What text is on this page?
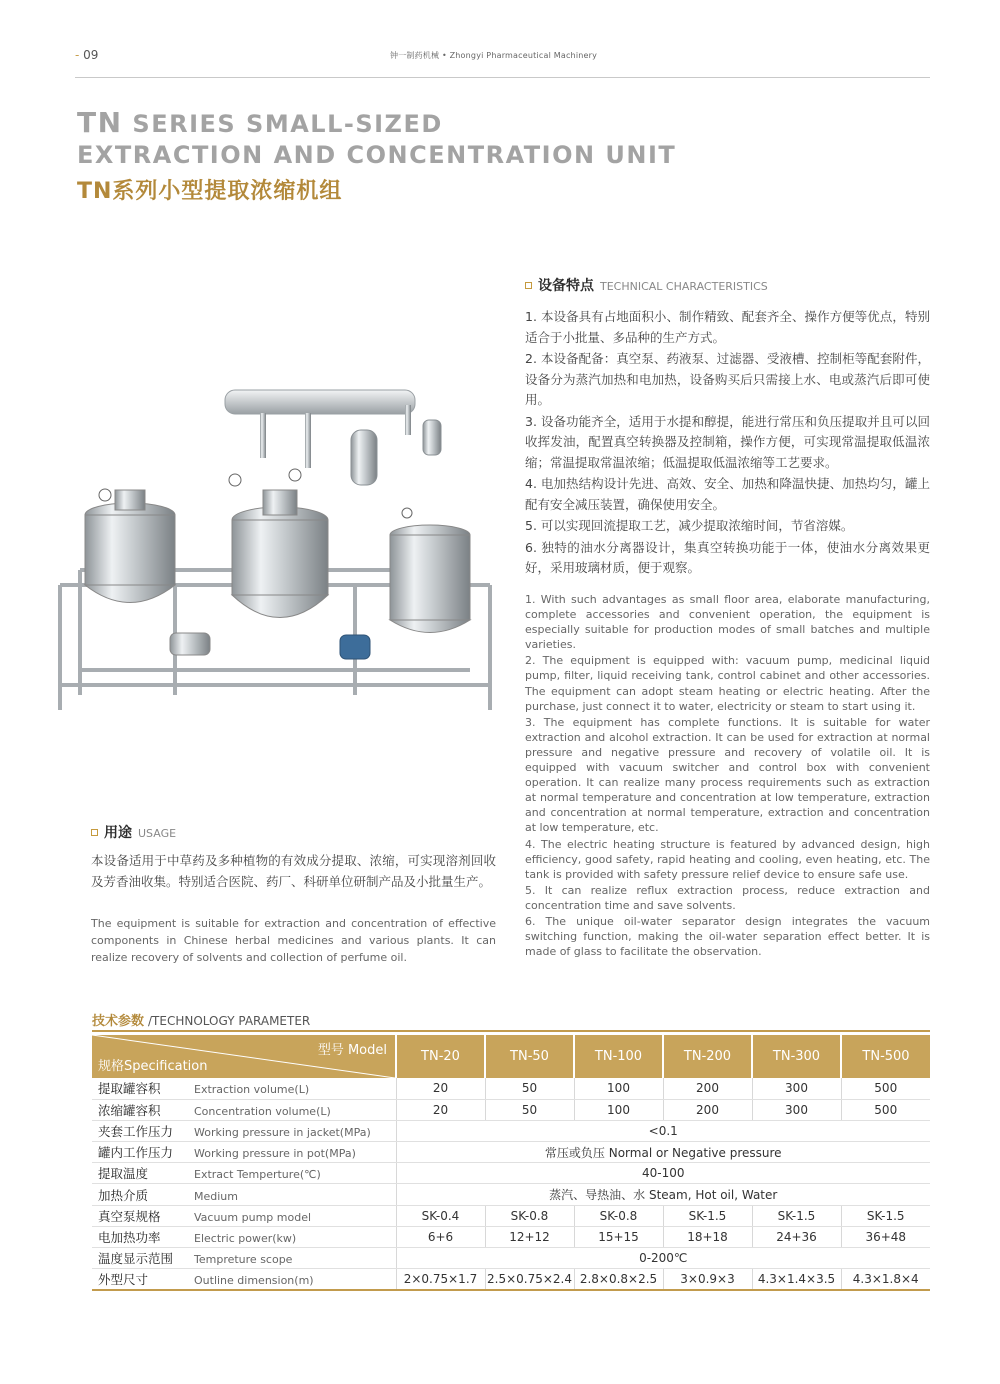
- 09	钟一制药机械 • Zhongyi Pharmaceutical Machinery
TN SERIES SMALL-SIZED
EXTRACTION AND CONCENTRATION UNIT
TN系列小型提取浓缩机组
设备特点 TECHNICAL CHARACTERISTICS

1. 本设备具有占地面积小、制作精致、配套齐全、操作方便等优点，特别适合于小批量、多品种的生产方式。

2. 本设备配备：真空泵、药液泵、过滤器、受液槽、控制柜等配套附件，设备分为蒸汽加热和电加热，设备购买后只需接上水、电或蒸汽后即可使用。

3. 设备功能齐全，适用于水提和醇提，能进行常压和负压提取并且可以回收挥发油，配置真空转换器及控制箱，操作方便，可实现常温提取低温浓缩；常温提取常温浓缩；低温提取低温浓缩等工艺要求。

4. 电加热结构设计先进、高效、安全、加热和降温快捷、加热均匀，罐上配有安全减压装置，确保使用安全。

5. 可以实现回流提取工艺，减少提取浓缩时间，节省溶媒。

6. 独特的油水分离器设计，集真空转换功能于一体，使油水分离效果更好，采用玻璃材质，便于观察。

1. With such advantages as small floor area, elaborate manufacturing, complete accessories and convenient operation, the equipment is especially suitable for production modes of small batches and multiple varieties.

2. The equipment is equipped with: vacuum pump, medicinal liquid pump, filter, liquid receiving tank, control cabinet and other accessories. The equipment can adopt steam heating or electric heating. After the purchase, just connect it to water, electricity or steam to start using it.

3. The equipment has complete functions. It is suitable for water extraction and alcohol extraction. It can be used for extraction at normal pressure and negative pressure and recovery of volatile oil. It is equipped with vacuum switcher and control box with convenient operation. It can realize many process requirements such as extraction at normal temperature and concentration at low temperature, extraction and concentration at normal temperature, extraction and concentration at low temperature, etc.

4. The electric heating structure is featured by advanced design, high efficiency, good safety, rapid heating and cooling, even heating, etc. The tank is provided with safety pressure relief device to ensure safe use.

5. It can realize reflux extraction process, reduce extraction and concentration time and save solvents.

6. The unique oil-water separator design integrates the vacuum switching function, making the oil-water separation effect better. It is made of glass to facilitate the observation.

用途 USAGE
本设备适用于中草药及多种植物的有效成分提取、浓缩，可实现溶剂回收及芳香油收集。特别适合医院、药厂、科研单位研制产品及小批量生产。
The equipment is suitable for extraction and concentration of effective components in Chinese herbal medicines and various plants. It can realize recovery of solvents and collection of perfume oil.
技术参数 /TECHNOLOGY PARAMETER
型号 Model
规格Specification	TN-20	TN-50	TN-100	TN-200	TN-300	TN-500
提取罐容积 Extraction volume(L)	20	50	100	200	300	500
浓缩罐容积 Concentration volume(L)	20	50	100	200	300	500
夹套工作压力 Working pressure in jacket(MPa)	<0.1					
罐内工作压力 Working pressure in pot(MPa)	常压或负压 Normal or Negative pressure					
提取温度 Extract Temperture(℃)	40-100					
加热介质 Medium	蒸汽、导热油、水 Steam, Hot oil, Water					
真空泵规格 Vacuum pump model	SK-0.4	SK-0.8	SK-0.8	SK-1.5	SK-1.5	SK-1.5
电加热功率 Electric power(kw)	6+6	12+12	15+15	18+18	24+36	36+48
温度显示范围 Tempreture scope	0-200℃					
外型尺寸 Outline dimension(m)	2×0.75×1.7	2.5×0.75×2.4	2.8×0.8×2.5	3×0.9×3	4.3×1.4×3.5	4.3×1.8×4
